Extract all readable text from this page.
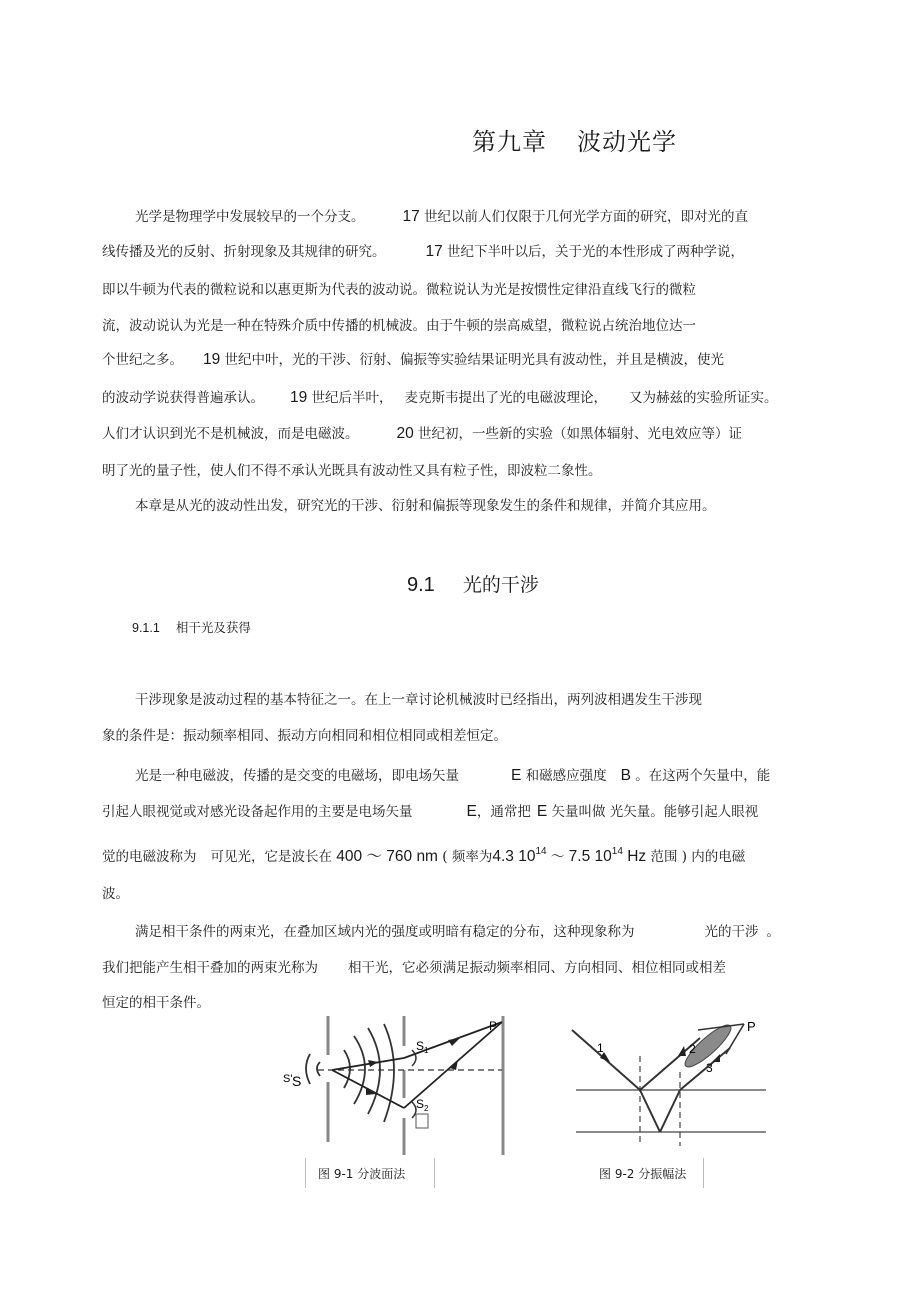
第九章 波动光学
光学是物理学中发展较早的一个分支。 17 世纪以前人们仅限于几何光学方面的研究，即对光的直
线传播及光的反射、折射现象及其规律的研究。	17 世纪下半叶以后，关于光的本性形成了两种学说，
即以牛顿为代表的微粒说和以惠更斯为代表的波动说。微粒说认为光是按惯性定律沿直线飞行的微粒
流，波动说认为光是一种在特殊介质中传播的机械波。由于牛顿的崇高威望，微粒说占统治地位达一
个世纪之多。 19 世纪中叶，光的干涉、衍射、偏振等实验结果证明光具有波动性，并且是横波，使光
的波动学说获得普遍承认。 19 世纪后半叶， 麦克斯韦提出了光的电磁波理论， 又为赫兹的实验所证实。
人们才认识到光不是机械波，而是电磁波。 20 世纪初，一些新的实验（如黑体辐射、光电效应等）证
明了光的量子性，使人们不得不承认光既具有波动性又具有粒子性，即波粒二象性。
本章是从光的波动性出发，研究光的干涉、衍射和偏振等现象发生的条件和规律，并简介其应用。
9.1 光的干涉
9.1.1 相干光及获得
干涉现象是波动过程的基本特征之一。在上一章讨论机械波时已经指出，两列波相遇发生干涉现
象的条件是：振动频率相同、振动方向相同和相位相同或相差恒定。
光是一种电磁波，传播的是交变的电磁场，即电场矢量	E 和磁感应强度 B 。在这两个矢量中，能
引起人眼视觉或对感光设备起作用的主要是电场矢量	E，通常把 E 矢量叫做 光矢量。能够引起人眼视
觉的电磁波称为 可见光，它是波长在 400 ～ 760 nm ( 频率为4.3 $10^{14}$ ～ 7.5 $10^{14}$ Hz 范围 ) 内的电磁
波。
满足相干条件的两束光，在叠加区域内光的强度或明暗有稳定的分布，这种现象称为	光的干涉 。
我们把能产生相干叠加的两束光称为 相干光，它必须满足振动频率相同、方向相同、相位相同或相差
恒定的相干条件。
P
$S_1$
$S_2$
S' S
图 9-1 分波面法
1	2
3
P
图 9-2 分振幅法
